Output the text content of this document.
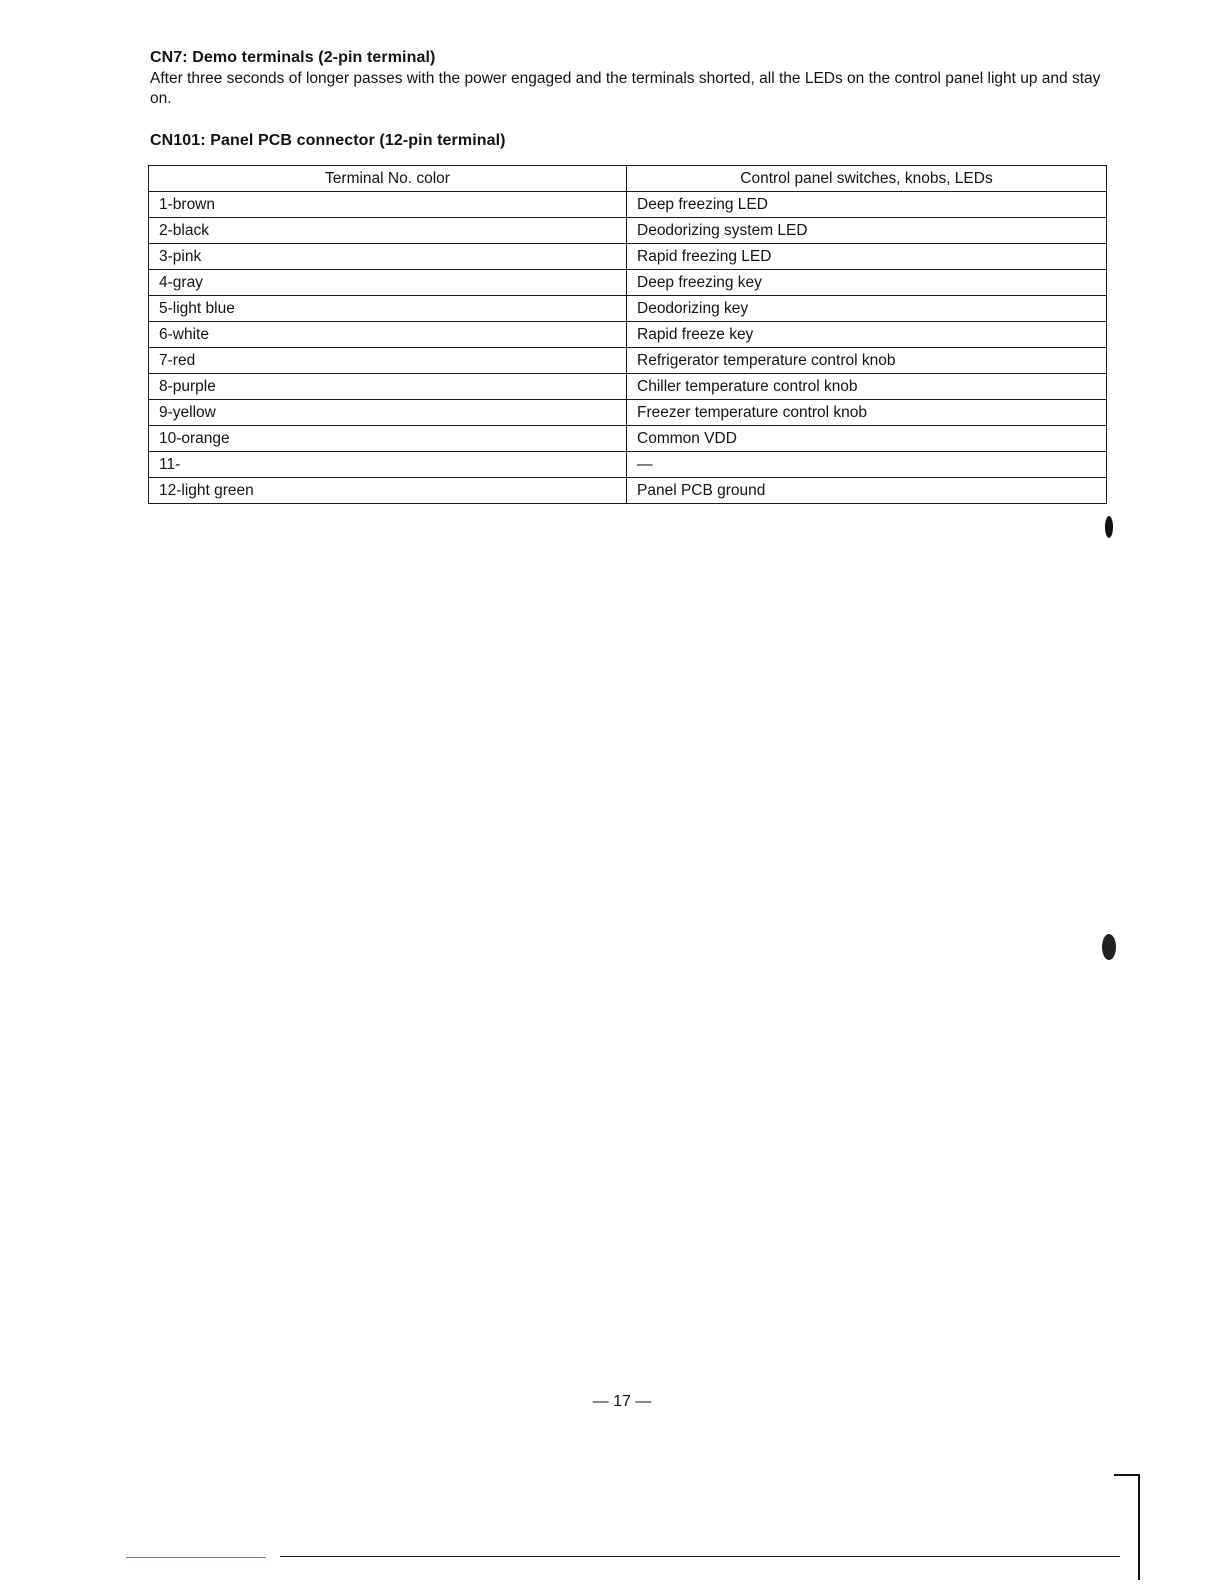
CN7: Demo terminals (2-pin terminal)
After three seconds of longer passes with the power engaged and the terminals shorted, all the LEDs on the control panel light up and stay on.
CN101: Panel PCB connector (12-pin terminal)
Terminal No. color	Control panel switches, knobs, LEDs
1-brown	Deep freezing LED
2-black	Deodorizing system LED
3-pink	Rapid freezing LED
4-gray	Deep freezing key
5-light blue	Deodorizing key
6-white	Rapid freeze key
7-red	Refrigerator temperature control knob
8-purple	Chiller temperature control knob
9-yellow	Freezer temperature control knob
10-orange	Common VDD
11-	—
12-light green	Panel PCB ground
— 17 —
